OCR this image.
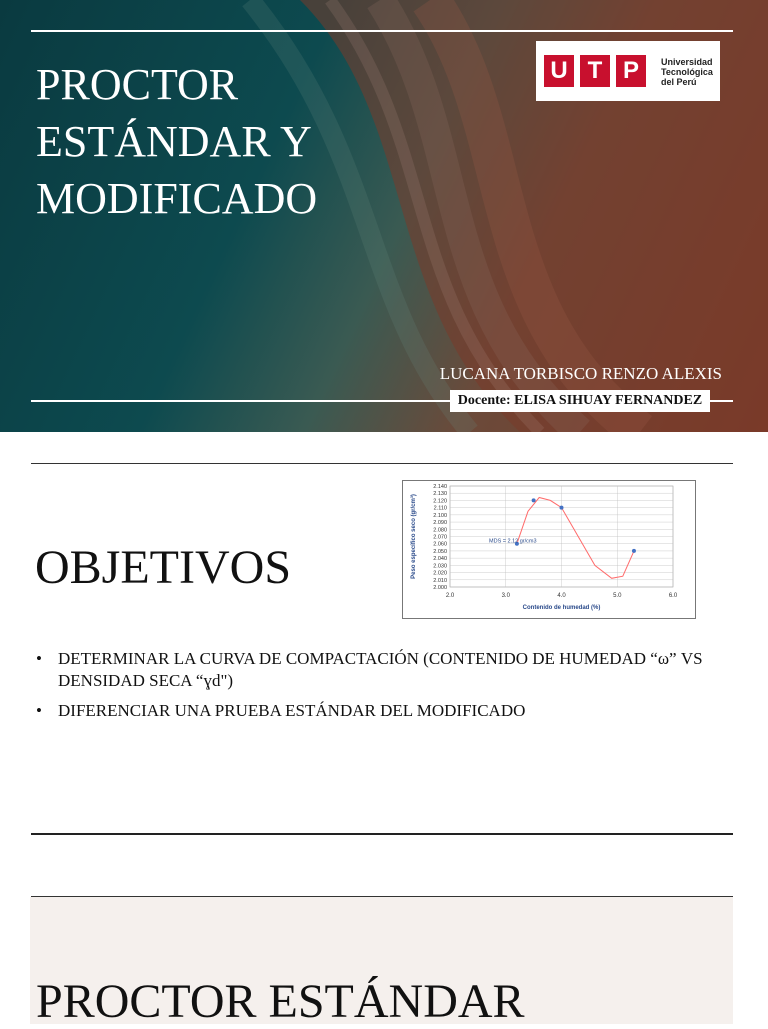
PROCTOR
ESTÁNDAR Y
MODIFICADO
U T P	Universidad
Tecnológica
del Perú
LUCANA TORBISCO RENZO ALEXIS
Docente: ELISA SIHUAY FERNANDEZ
OBJETIVOS	2.000
2.010
2.020
2.030
2.040
2.050
2.060
2.070
2.080
2.090
2.100
2.110
2.120
2.130
2.140
2.0	3.0	4.0	5.0	6.0
MDS = 2.12 gr/cm3
Contenido de humedad (%)
Peso específico seco (gr/cm³)
• DETERMINAR LA CURVA DE COMPACTACIÓN (CONTENIDO DE HUMEDAD “ω” VS DENSIDAD SECA “ɣd")
• DIFERENCIAR UNA PRUEBA ESTÁNDAR DEL MODIFICADO
PROCTOR ESTÁNDAR
